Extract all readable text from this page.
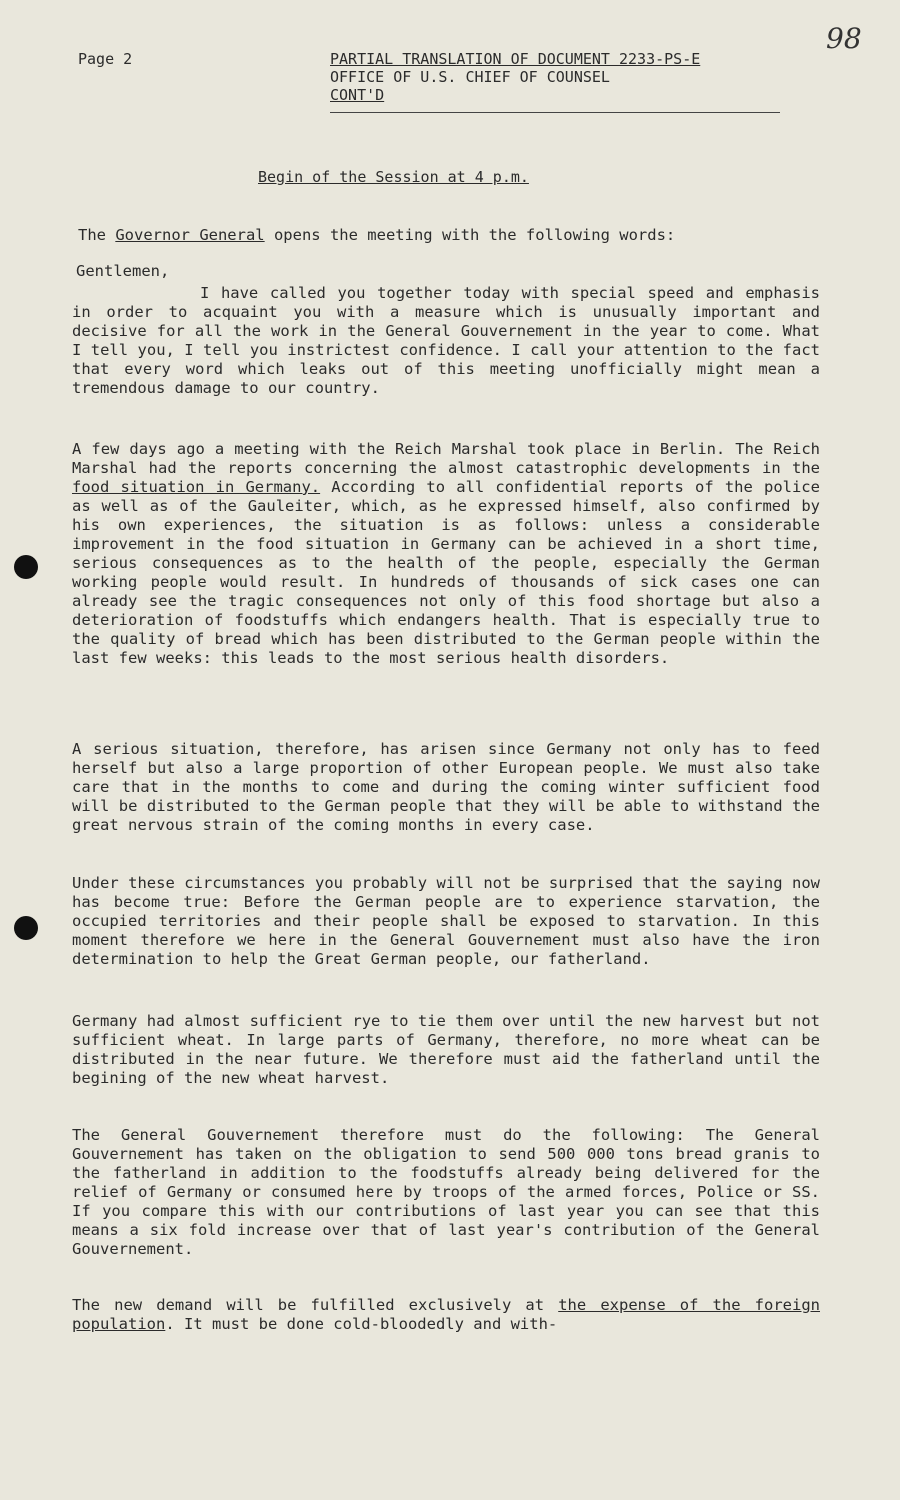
Page 2
98
PARTIAL TRANSLATION OF DOCUMENT 2233-PS-E
OFFICE OF U.S. CHIEF OF COUNSEL
CONT'D
Begin of the Session at 4 p.m.
The Governor General opens the meeting with the following words:
Gentlemen,
I have called you together today with special speed and emphasis in order to acquaint you with a measure which is unusually important and decisive for all the work in the General Gouvernement in the year to come. What I tell you, I tell you instrictest confidence. I call your attention to the fact that every word which leaks out of this meeting unofficially might mean a tremendous damage to our country.
A few days ago a meeting with the Reich Marshal took place in Berlin. The Reich Marshal had the reports concerning the almost catastrophic developments in the food situation in Germany. According to all confidential reports of the police as well as of the Gauleiter, which, as he expressed himself, also confirmed by his own experiences, the situation is as follows: unless a considerable improvement in the food situation in Germany can be achieved in a short time, serious consequences as to the health of the people, especially the German working people would result. In hundreds of thousands of sick cases one can already see the tragic consequences not only of this food shortage but also a deterioration of foodstuffs which endangers health. That is especially true to the quality of bread which has been distributed to the German people within the last few weeks: this leads to the most serious health disorders.
A serious situation, therefore, has arisen since Germany not only has to feed herself but also a large proportion of other European people. We must also take care that in the months to come and during the coming winter sufficient food will be distributed to the German people that they will be able to withstand the great nervous strain of the coming months in every case.
Under these circumstances you probably will not be surprised that the saying now has become true: Before the German people are to experience starvation, the occupied territories and their people shall be exposed to starvation. In this moment therefore we here in the General Gouvernement must also have the iron determination to help the Great German people, our fatherland.
Germany had almost sufficient rye to tie them over until the new harvest but not sufficient wheat. In large parts of Germany, therefore, no more wheat can be distributed in the near future. We therefore must aid the fatherland until the begining of the new wheat harvest.
The General Gouvernement therefore must do the following: The General Gouvernement has taken on the obligation to send 500 000 tons bread granis to the fatherland in addition to the foodstuffs already being delivered for the relief of Germany or consumed here by troops of the armed forces, Police or SS. If you compare this with our contributions of last year you can see that this means a six fold increase over that of last year's contribution of the General Gouvernement.
The new demand will be fulfilled exclusively at the expense of the foreign population. It must be done cold-bloodedly and with-
